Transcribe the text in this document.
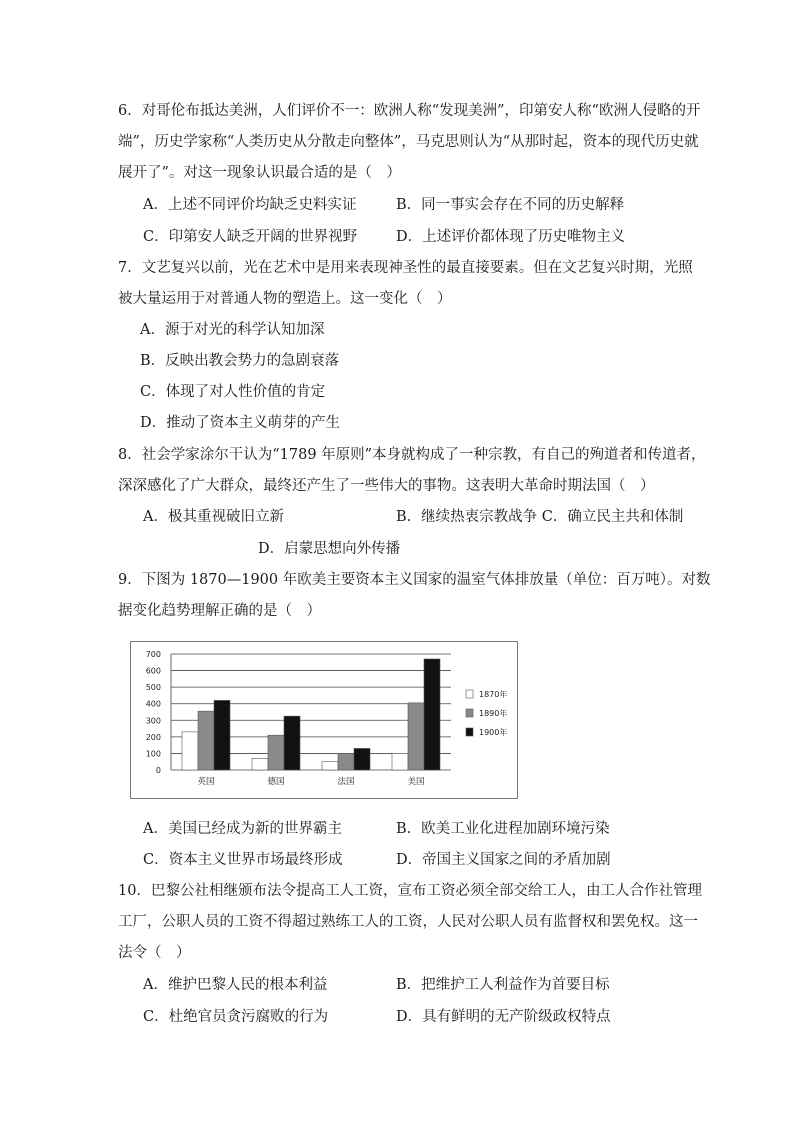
6．对哥伦布抵达美洲，人们评价不一：欧洲人称“发现美洲”，印第安人称“欧洲人侵略的开
端”，历史学家称“人类历史从分散走向整体”，马克思则认为“从那时起，资本的现代历史就
展开了”。对这一现象认识最合适的是（　）
A．上述不同评价均缺乏史料实证	B．同一事实会存在不同的历史解释
C．印第安人缺乏开阔的世界视野	D．上述评价都体现了历史唯物主义
7．文艺复兴以前，光在艺术中是用来表现神圣性的最直接要素。但在文艺复兴时期，光照
被大量运用于对普通人物的塑造上。这一变化（　）
A．源于对光的科学认知加深
B．反映出教会势力的急剧衰落
C．体现了对人性价值的肯定
D．推动了资本主义萌芽的产生
8．社会学家涂尔干认为“1789 年原则”本身就构成了一种宗教，有自己的殉道者和传道者，
深深感化了广大群众，最终还产生了一些伟大的事物。这表明大革命时期法国（　）
A．极其重视破旧立新	B．继续热衷宗教战争 C．确立民主共和体制
D．启蒙思想向外传播
9．下图为 1870—1900 年欧美主要资本主义国家的温室气体排放量（单位：百万吨）。对数
据变化趋势理解正确的是（　）
0
100
200
300
400
500
600
700
英国	德国	法国	美国
1870年
1890年
1900年
A．美国已经成为新的世界霸主	B．欧美工业化进程加剧环境污染
C．资本主义世界市场最终形成	D．帝国主义国家之间的矛盾加剧
10．巴黎公社相继颁布法令提高工人工资，宣布工资必须全部交给工人，由工人合作社管理
工厂，公职人员的工资不得超过熟练工人的工资，人民对公职人员有监督权和罢免权。这一
法令（　）
A．维护巴黎人民的根本利益	B．把维护工人利益作为首要目标
C．杜绝官员贪污腐败的行为	D．具有鲜明的无产阶级政权特点
